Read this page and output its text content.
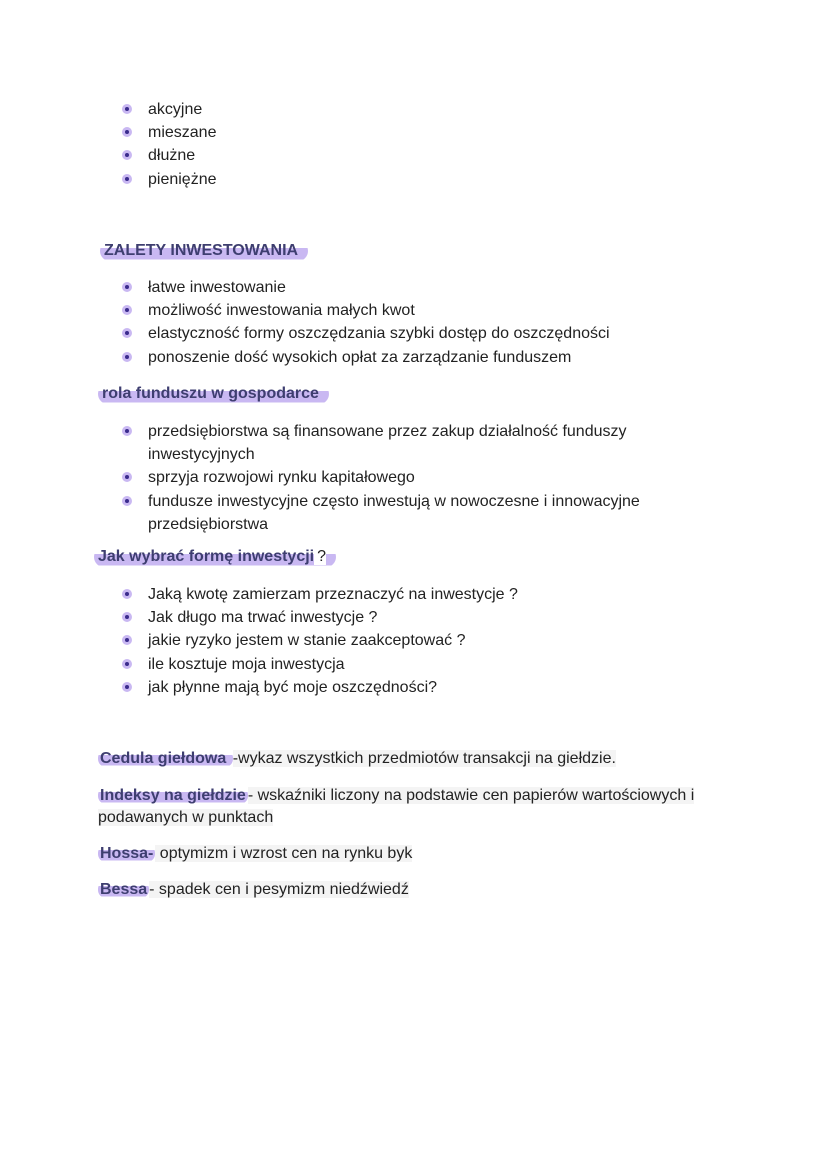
akcyjne
mieszane
dłużne
pieniężne
ZALETY INWESTOWANIA
łatwe inwestowanie
możliwość inwestowania małych kwot
elastyczność formy oszczędzania szybki dostęp do oszczędności
ponoszenie dość wysokich opłat za zarządzanie funduszem
rola funduszu w gospodarce
przedsiębiorstwa są finansowane przez zakup działalność funduszy inwestycyjnych
sprzyja rozwojowi rynku kapitałowego
fundusze inwestycyjne często inwestują w nowoczesne i innowacyjne przedsiębiorstwa
Jak wybrać formę inwestycji ?
Jaką kwotę zamierzam przeznaczyć na inwestycje ?
Jak długo ma trwać inwestycje ?
jakie ryzyko jestem w stanie zaakceptować ?
ile kosztuje moja inwestycja
jak płynne mają być moje oszczędności?
Cedula giełdowa -wykaz wszystkich przedmiotów transakcji na giełdzie.
Indeksy na giełdzie - wskaźniki liczony na podstawie cen papierów wartościowych i podawanych w punktach
Hossa- optymizm i wzrost cen na rynku byk
Bessa - spadek cen i pesymizm niedźwiedź
